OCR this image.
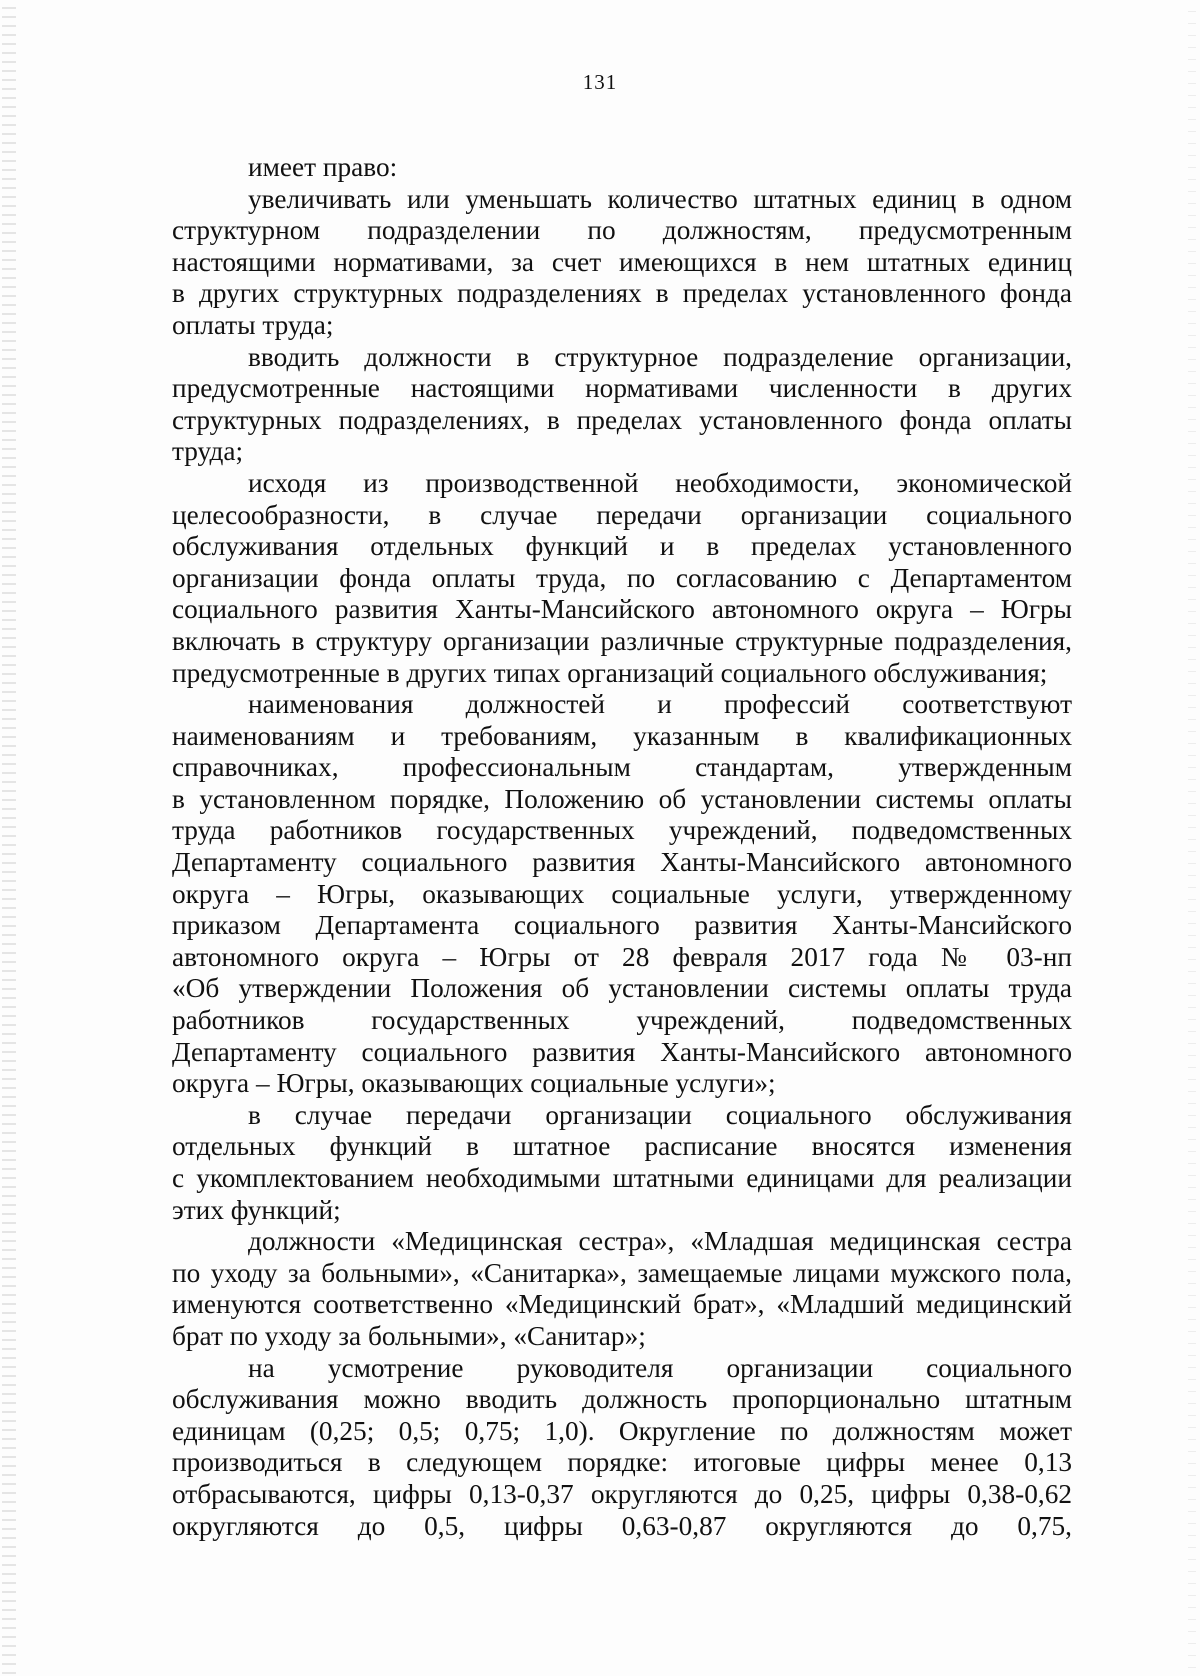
131
имеет право:
увеличивать или уменьшать количество штатных единиц в одном
структурном подразделении по должностям, предусмотренным
настоящими нормативами, за счет имеющихся в нем штатных единиц
в других структурных подразделениях в пределах установленного фонда
оплаты труда;
вводить должности в структурное подразделение организации,
предусмотренные настоящими нормативами численности в других
структурных подразделениях, в пределах установленного фонда оплаты
труда;
исходя из производственной необходимости, экономической
целесообразности, в случае передачи организации социального
обслуживания отдельных функций и в пределах установленного
организации фонда оплаты труда, по согласованию с Департаментом
социального развития Ханты-Мансийского автономного округа – Югры
включать в структуру организации различные структурные подразделения,
предусмотренные в других типах организаций социального обслуживания;
наименования должностей и профессий соответствуют
наименованиям и требованиям, указанным в квалификационных
справочниках, профессиональным стандартам, утвержденным
в установленном порядке, Положению об установлении системы оплаты
труда работников государственных учреждений, подведомственных
Департаменту социального развития Ханты-Мансийского автономного
округа – Югры, оказывающих социальные услуги, утвержденному
приказом Департамента социального развития Ханты-Мансийского
автономного округа – Югры от 28 февраля 2017 года № 03-нп
«Об утверждении Положения об установлении системы оплаты труда
работников государственных учреждений, подведомственных
Департаменту социального развития Ханты-Мансийского автономного
округа – Югры, оказывающих социальные услуги»;
в случае передачи организации социального обслуживания
отдельных функций в штатное расписание вносятся изменения
с укомплектованием необходимыми штатными единицами для реализации
этих функций;
должности «Медицинская сестра», «Младшая медицинская сестра
по уходу за больными», «Санитарка», замещаемые лицами мужского пола,
именуются соответственно «Медицинский брат», «Младший медицинский
брат по уходу за больными», «Санитар»;
на усмотрение руководителя организации социального
обслуживания можно вводить должность пропорционально штатным
единицам (0,25; 0,5; 0,75; 1,0). Округление по должностям может
производиться в следующем порядке: итоговые цифры менее 0,13
отбрасываются, цифры 0,13-0,37 округляются до 0,25, цифры 0,38-0,62
округляются до 0,5, цифры 0,63-0,87 округляются до 0,75,
